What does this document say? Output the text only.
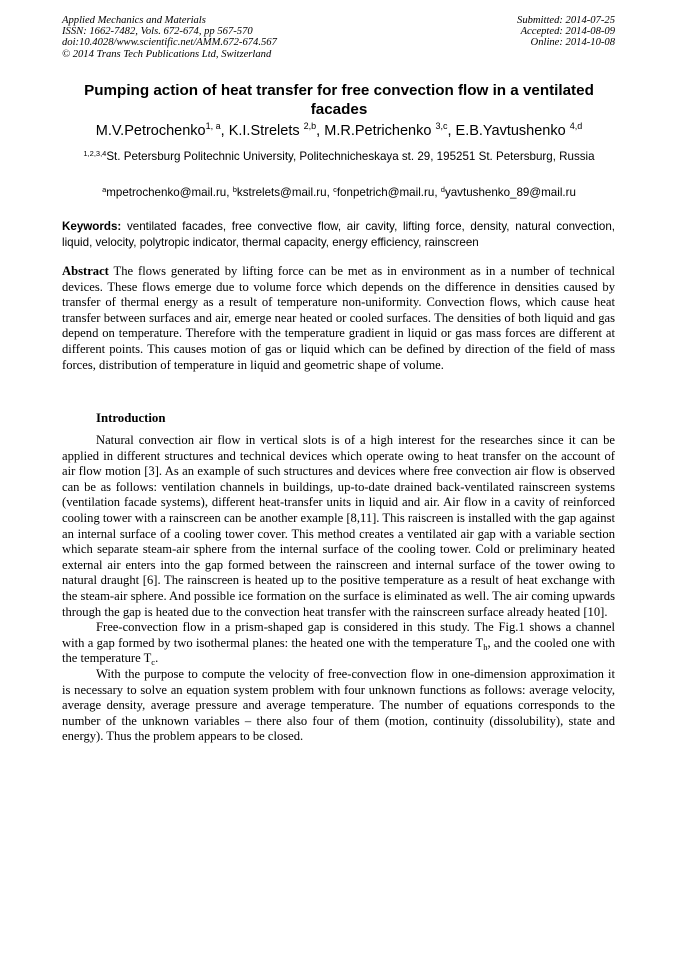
Applied Mechanics and Materials
ISSN: 1662-7482, Vols. 672-674, pp 567-570
doi:10.4028/www.scientific.net/AMM.672-674.567
© 2014 Trans Tech Publications Ltd, Switzerland
Submitted: 2014-07-25
Accepted: 2014-08-09
Online: 2014-10-08
Pumping action of heat transfer for free convection flow in a ventilated facades
M.V.Petrochenko$^{1, a}$, K.I.Strelets $^{2,b}$, M.R.Petrichenko $^{3,c}$, E.B.Yavtushenko $^{4,d}$
$^{1,2,3,4}$St. Petersburg Politechnic University, Politechnicheskaya st. 29, 195251 St. Petersburg, Russia
$^a$mpetrochenko@mail.ru, $^b$kstrelets@mail.ru, $^c$fonpetrich@mail.ru, $^d$yavtushenko_89@mail.ru
Keywords: ventilated facades, free convective flow, air cavity, lifting force, density, natural convection, liquid, velocity, polytropic indicator, thermal capacity, energy efficiency, rainscreen
Abstract The flows generated by lifting force can be met as in environment as in a number of technical devices. These flows emerge due to volume force which depends on the difference in densities caused by transfer of thermal energy as a result of temperature non-uniformity. Convection flows, which cause heat transfer between surfaces and air, emerge near heated or cooled surfaces. The densities of both liquid and gas depend on temperature. Therefore with the temperature gradient in liquid or gas mass forces are different at different points. This causes motion of gas or liquid which can be defined by direction of the field of mass forces, distribution of temperature in liquid and geometric shape of volume.
Introduction

Natural convection air flow in vertical slots is of a high interest for the researches since it can be applied in different structures and technical devices which operate owing to heat transfer on the account of air flow motion [3]. As an example of such structures and devices where free convection air flow is observed can be as follows: ventilation channels in buildings, up-to-date drained back-ventilated rainscreen systems (ventilation facade systems), different heat-transfer units in liquid and air. Air flow in a cavity of reinforced cooling tower with a rainscreen can be another example [8,11]. This raiscreen is installed with the gap against an internal surface of a cooling tower cover. This method creates a ventilated air gap with a variable section which separate steam-air sphere from the internal surface of the cooling tower. Cold or preliminary heated external air enters into the gap formed between the rainscreen and internal surface of the tower owing to natural draught [6]. The rainscreen is heated up to the positive temperature as a result of heat exchange with the steam-air sphere. And possible ice formation on the surface is eliminated as well. The air coming upwards through the gap is heated due to the convection heat transfer with the rainscreen surface already heated [10].

Free-convection flow in a prism-shaped gap is considered in this study. The Fig.1 shows a channel with a gap formed by two isothermal planes: the heated one with the temperature $T_h$, and the cooled one with the temperature $T_c$.

With the purpose to compute the velocity of free-convection flow in one-dimension approximation it is necessary to solve an equation system problem with four unknown functions as follows: average velocity, average density, average pressure and average temperature. The number of equations corresponds to the number of the unknown variables – there also four of them (motion, continuity (dissolubility), state and energy). Thus the problem appears to be closed.
